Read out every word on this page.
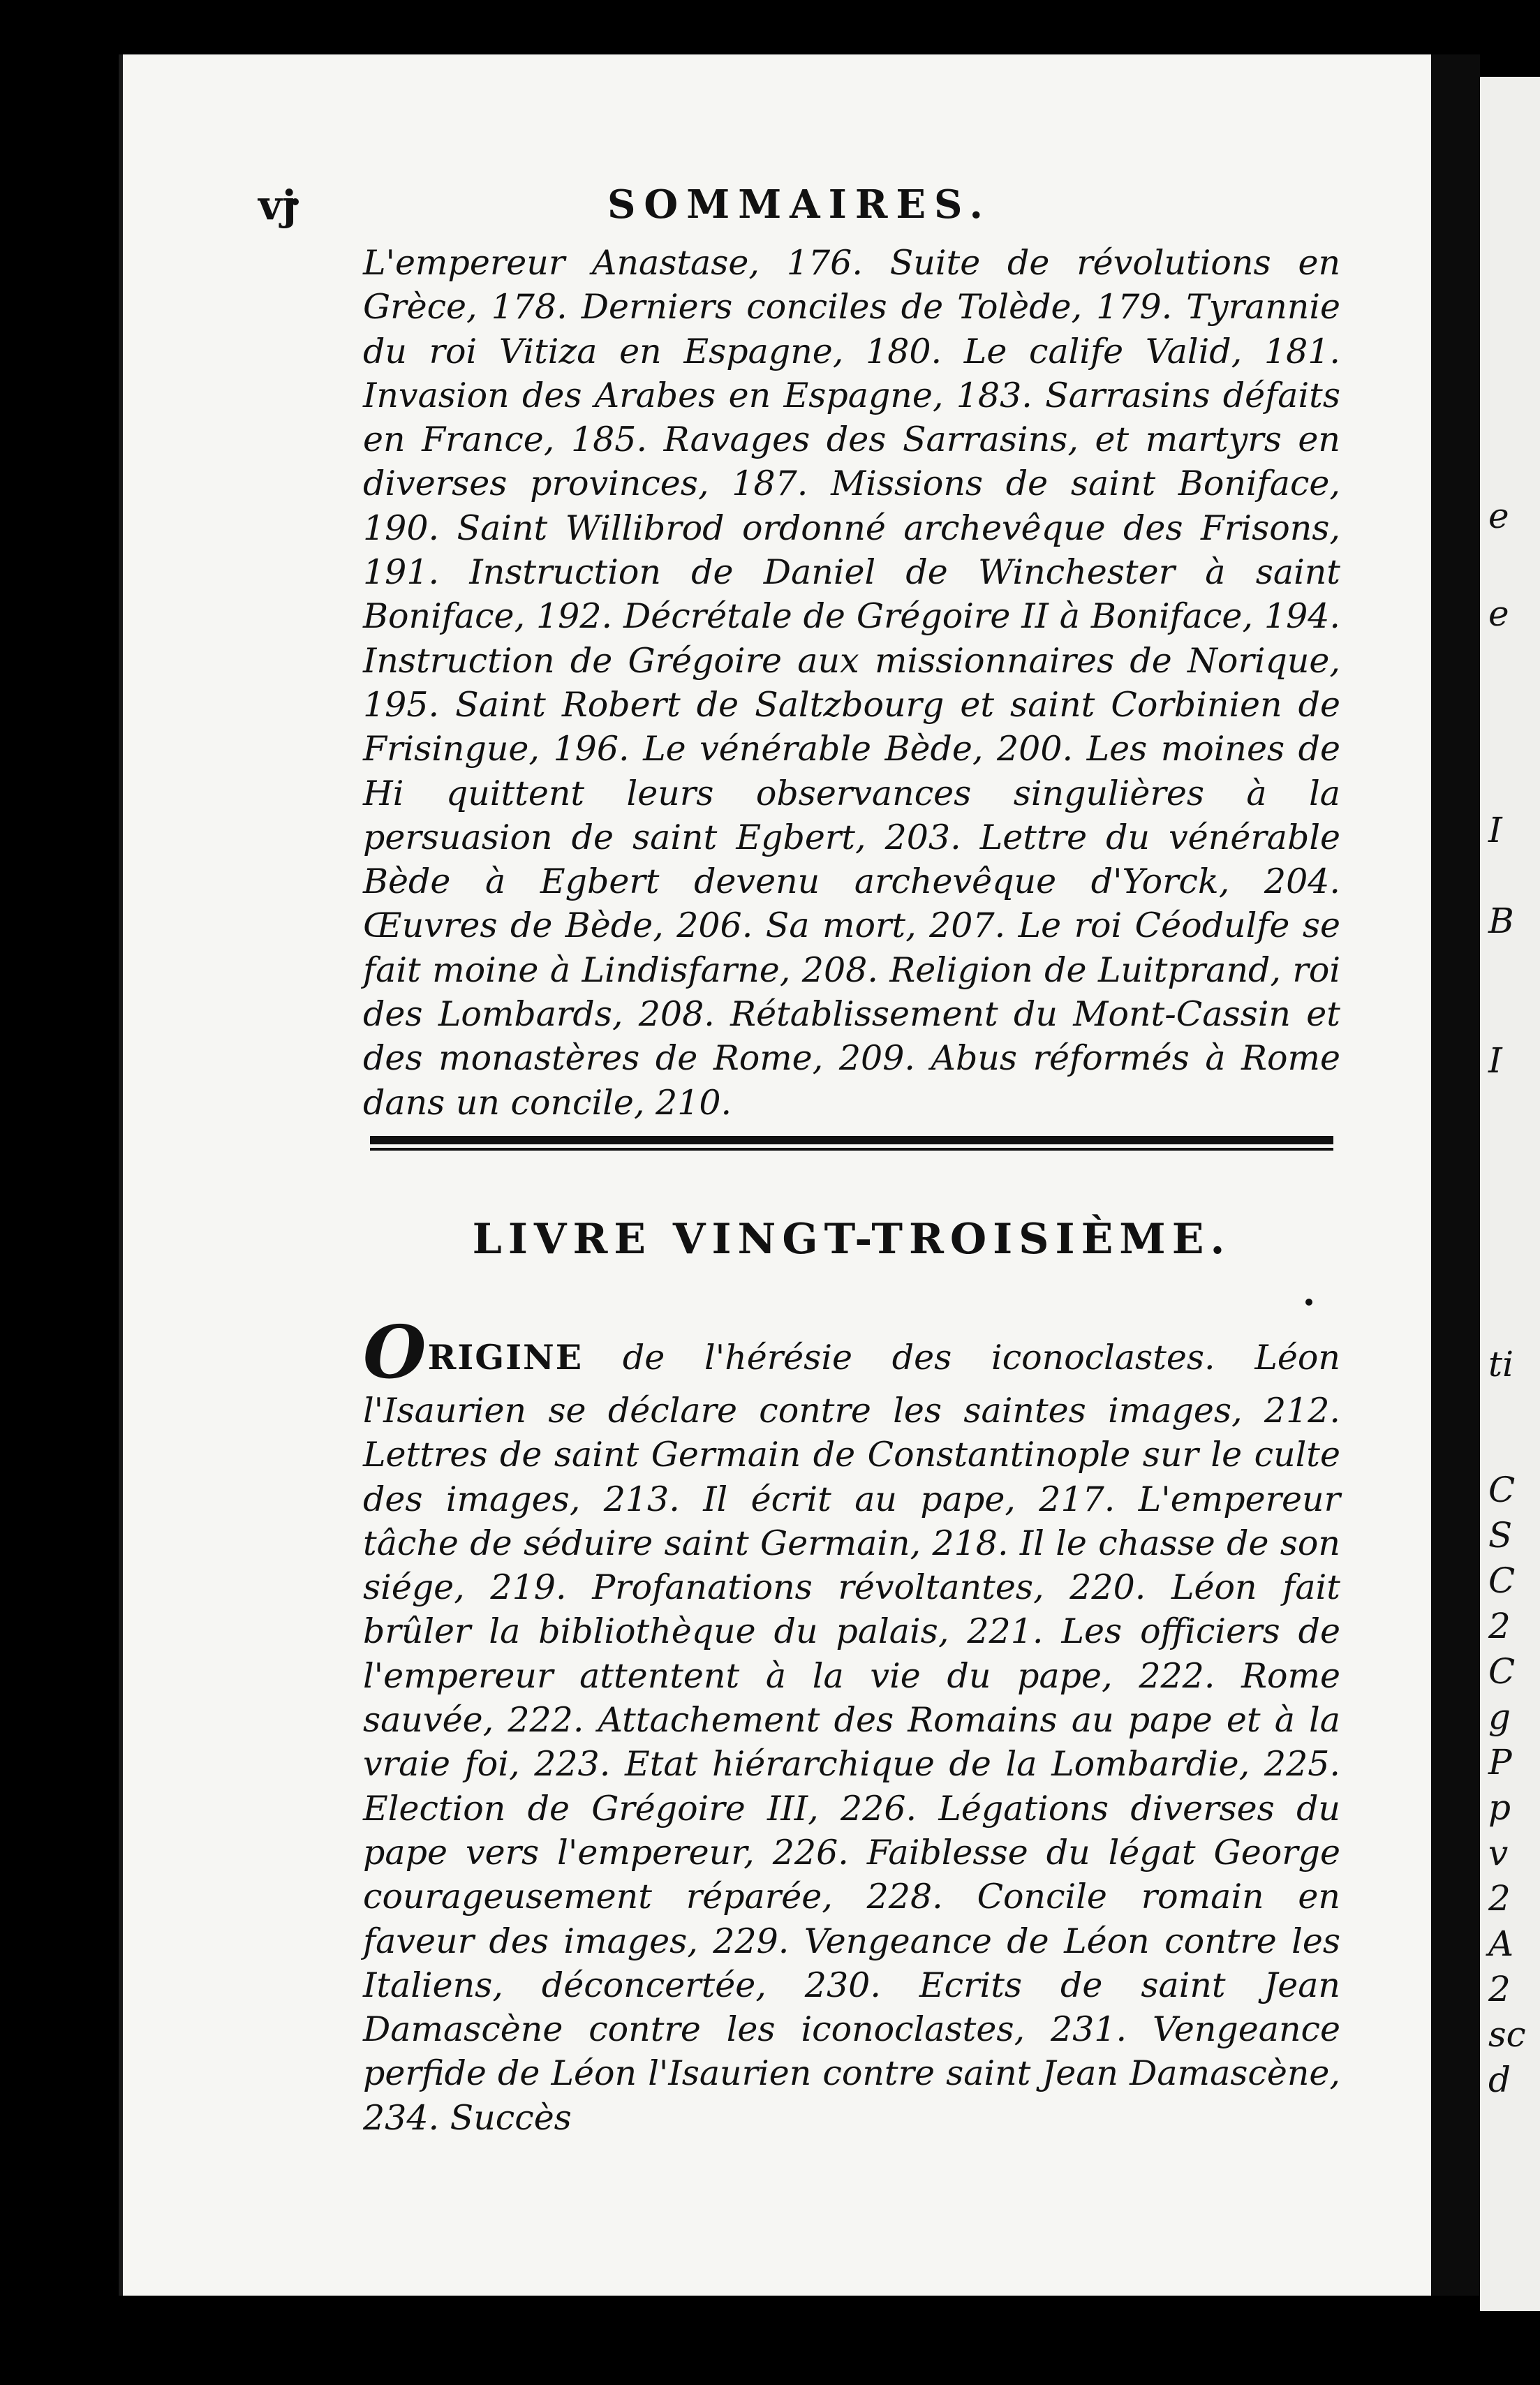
e
e
I
B
I
ti
C
S
C
2
C
g
P
p
v
2
A
2
sc
d
vj	SOMMAIRES.

L'empereur Anastase, 176. Suite de révolutions en Grèce, 178. Derniers conciles de Tolède, 179. Tyrannie du roi Vitiza en Espagne, 180. Le calife Valid, 181. Invasion des Arabes en Espagne, 183. Sarrasins défaits en France, 185. Ravages des Sarrasins, et martyrs en diverses provinces, 187. Missions de saint Boniface, 190. Saint Willibrod ordonné archevêque des Frisons, 191. Instruction de Daniel de Winchester à saint Boniface, 192. Décrétale de Grégoire II à Boniface, 194. Instruction de Grégoire aux missionnaires de Norique, 195. Saint Robert de Saltzbourg et saint Corbinien de Frisingue, 196. Le vénérable Bède, 200. Les moines de Hi quittent leurs observances singulières à la persuasion de saint Egbert, 203. Lettre du vénérable Bède à Egbert devenu archevêque d'Yorck, 204. Œuvres de Bède, 206. Sa mort, 207. Le roi Céodulfe se fait moine à Lindisfarne, 208. Religion de Luitprand, roi des Lombards, 208. Rétablissement du Mont-Cassin et des monastères de Rome, 209. Abus réformés à Rome dans un concile, 210.

LIVRE VINGT-TROISIÈME.

ORIGINE de l'hérésie des iconoclastes. Léon l'Isaurien se déclare contre les saintes images, 212. Lettres de saint Germain de Constantinople sur le culte des images, 213. Il écrit au pape, 217. L'empereur tâche de séduire saint Germain, 218. Il le chasse de son siége, 219. Profanations révoltantes, 220. Léon fait brûler la bibliothèque du palais, 221. Les officiers de l'empereur attentent à la vie du pape, 222. Rome sauvée, 222. Attachement des Romains au pape et à la vraie foi, 223. Etat hiérarchique de la Lombardie, 225. Election de Grégoire III, 226. Légations diverses du pape vers l'empereur, 226. Faiblesse du légat George courageusement réparée, 228. Concile romain en faveur des images, 229. Vengeance de Léon contre les Italiens, déconcertée, 230. Ecrits de saint Jean Damascène contre les iconoclastes, 231. Vengeance perfide de Léon l'Isaurien contre saint Jean Damascène, 234. Succès
